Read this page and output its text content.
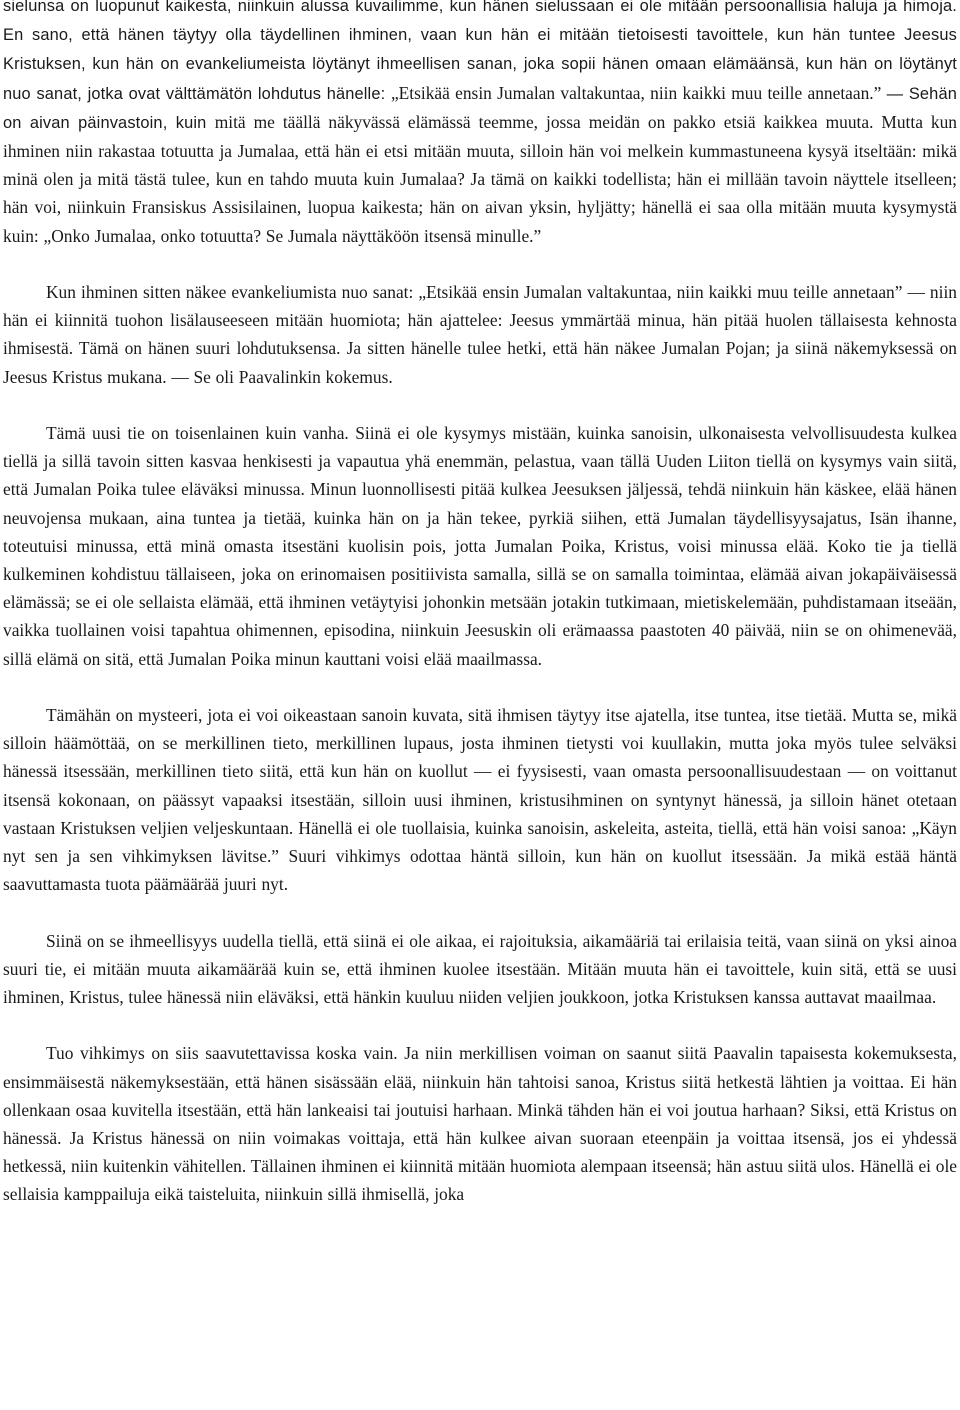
sielunsa on luopunut kaikesta, niinkuin alussa kuvailimme, kun hänen sielussaan ei ole mitään persoonallisia haluja ja himoja. En sano, että hänen täytyy olla täydellinen ihminen, vaan kun hän ei mitään tietoisesti tavoittele, kun hän tuntee Jeesus Kristuksen, kun hän on evankeliumeista löytänyt ihmeellisen sanan, joka sopii hänen omaan elämäänsä, kun hän on löytänyt nuo sanat, jotka ovat välttämätön lohdutus hänelle: „Etsikää ensin Jumalan valtakuntaa, niin kaikki muu teille annetaan.” — Sehän on aivan päinvastoin, kuin mitä me täällä näkyvässä elämässä teemme, jossa meidän on pakko etsiä kaikkea muuta. Mutta kun ihminen niin rakastaa totuutta ja Jumalaa, että hän ei etsi mitään muuta, silloin hän voi melkein kummastuneena kysyä itseltään: mikä minä olen ja mitä tästä tulee, kun en tahdo muuta kuin Jumalaa? Ja tämä on kaikki todellista; hän ei millään tavoin näyttele itselleen; hän voi, niinkuin Fransiskus Assisilainen, luopua kaikesta; hän on aivan yksin, hyljätty; hänellä ei saa olla mitään muuta kysymystä kuin: „Onko Jumalaa, onko totuutta? Se Jumala näyttäköön itsensä minulle.”

Kun ihminen sitten näkee evankeliumista nuo sanat: „Etsikää ensin Jumalan valtakuntaa, niin kaikki muu teille annetaan” — niin hän ei kiinnitä tuohon lisälauseeseen mitään huomiota; hän ajattelee: Jeesus ymmärtää minua, hän pitää huolen tällaisesta kehnosta ihmisestä. Tämä on hänen suuri lohdutuksensa. Ja sitten hänelle tulee hetki, että hän näkee Jumalan Pojan; ja siinä näkemyksessä on Jeesus Kristus mukana. — Se oli Paavalinkin kokemus.

Tämä uusi tie on toisenlainen kuin vanha. Siinä ei ole kysymys mistään, kuinka sanoisin, ulkonaisesta velvollisuudesta kulkea tiellä ja sillä tavoin sitten kasvaa henkisesti ja vapautua yhä enemmän, pelastua, vaan tällä Uuden Liiton tiellä on kysymys vain siitä, että Jumalan Poika tulee eläväksi minussa. Minun luonnollisesti pitää kulkea Jeesuksen jäljessä, tehdä niinkuin hän käskee, elää hänen neuvojensa mukaan, aina tuntea ja tietää, kuinka hän on ja hän tekee, pyrkiä siihen, että Jumalan täydellisyysajatus, Isän ihanne, toteutuisi minussa, että minä omasta itsestäni kuolisin pois, jotta Jumalan Poika, Kristus, voisi minussa elää. Koko tie ja tiellä kulkeminen kohdistuu tällaiseen, joka on erinomaisen positiivista samalla, sillä se on samalla toimintaa, elämää aivan jokapäiväisessä elämässä; se ei ole sellaista elämää, että ihminen vetäytyisi johonkin metsään jotakin tutkimaan, mietiskelemään, puhdistamaan itseään, vaikka tuollainen voisi tapahtua ohimennen, episodina, niinkuin Jeesuskin oli erämaassa paastoten 40 päivää, niin se on ohimenevää, sillä elämä on sitä, että Jumalan Poika minun kauttani voisi elää maailmassa.

Tämähän on mysteeri, jota ei voi oikeastaan sanoin kuvata, sitä ihmisen täytyy itse ajatella, itse tuntea, itse tietää. Mutta se, mikä silloin häämöttää, on se merkillinen tieto, merkillinen lupaus, josta ihminen tietysti voi kuullakin, mutta joka myös tulee selväksi hänessä itsessään, merkillinen tieto siitä, että kun hän on kuollut — ei fyysisesti, vaan omasta persoonallisuudestaan — on voittanut itsensä kokonaan, on päässyt vapaaksi itsestään, silloin uusi ihminen, kristusihminen on syntynyt hänessä, ja silloin hänet otetaan vastaan Kristuksen veljien veljeskuntaan. Hänellä ei ole tuollaisia, kuinka sanoisin, askeleita, asteita, tiellä, että hän voisi sanoa: „Käyn nyt sen ja sen vihkimyksen lävitse.” Suuri vihkimys odottaa häntä silloin, kun hän on kuollut itsessään. Ja mikä estää häntä saavuttamasta tuota päämäärää juuri nyt.

Siinä on se ihmeellisyys uudella tiellä, että siinä ei ole aikaa, ei rajoituksia, aikamääriä tai erilaisia teitä, vaan siinä on yksi ainoa suuri tie, ei mitään muuta aikamäärää kuin se, että ihminen kuolee itsestään. Mitään muuta hän ei tavoittele, kuin sitä, että se uusi ihminen, Kristus, tulee hänessä niin eläväksi, että hänkin kuuluu niiden veljien joukkoon, jotka Kristuksen kanssa auttavat maailmaa.

Tuo vihkimys on siis saavutettavissa koska vain. Ja niin merkillisen voiman on saanut siitä Paavalin tapaisesta kokemuksesta, ensimmäisestä näkemyksestään, että hänen sisässään elää, niinkuin hän tahtoisi sanoa, Kristus siitä hetkestä lähtien ja voittaa. Ei hän ollenkaan osaa kuvitella itsestään, että hän lankeaisi tai joutuisi harhaan. Minkä tähden hän ei voi joutua harhaan? Siksi, että Kristus on hänessä. Ja Kristus hänessä on niin voimakas voittaja, että hän kulkee aivan suoraan eteenpäin ja voittaa itsensä, jos ei yhdessä hetkessä, niin kuitenkin vähitellen. Tällainen ihminen ei kiinnitä mitään huomiota alempaan itseensä; hän astuu siitä ulos. Hänellä ei ole sellaisia kamppailuja eikä taisteluita, niinkuin sillä ihmisellä, joka
